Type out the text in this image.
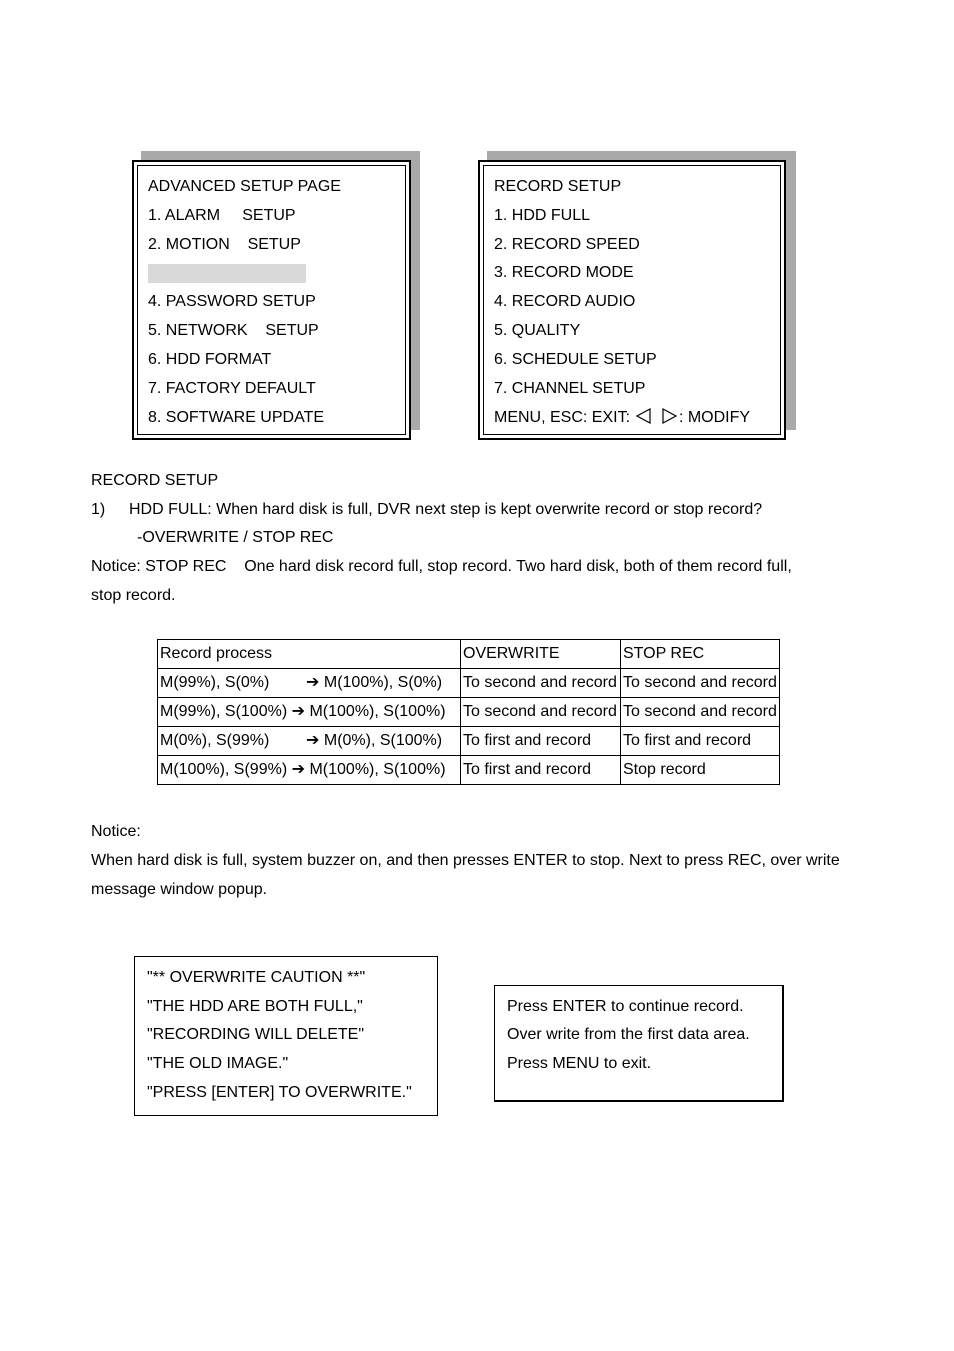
ADVANCED SETUP PAGE
1. ALARM     SETUP
2. MOTION    SETUP
4. PASSWORD SETUP
5. NETWORK    SETUP
6. HDD FORMAT
7. FACTORY DEFAULT
8. SOFTWARE UPDATE
RECORD SETUP
1. HDD FULL
2. RECORD SPEED
3. RECORD MODE
4. RECORD AUDIO
5. QUALITY
6. SCHEDULE SETUP
7. CHANNEL SETUP
MENU, ESC: EXIT:	: MODIFY
RECORD SETUP
1) HDD FULL: When hard disk is full, DVR next step is kept overwrite record or stop record?
-OVERWRITE / STOP REC
Notice: STOP REC    One hard disk record full, stop record. Two hard disk, both of them record full,
stop record.
Record process	OVERWRITE	STOP REC
M(99%), S(0%) ➔ M(100%), S(0%)	To second and record	To second and record
M(99%), S(100%) ➔ M(100%), S(100%)	To second and record	To second and record
M(0%), S(99%) ➔ M(0%), S(100%)	To first and record	To first and record
M(100%), S(99%) ➔ M(100%), S(100%)	To first and record	Stop record
Notice:
When hard disk is full, system buzzer on, and then presses ENTER to stop. Next to press REC, over write
message window popup.
"** OVERWRITE CAUTION **"
"THE HDD ARE BOTH FULL,"
"RECORDING WILL DELETE"
"THE OLD IMAGE."
"PRESS [ENTER] TO OVERWRITE."
Press ENTER to continue record.
Over write from the first data area.
Press MENU to exit.
